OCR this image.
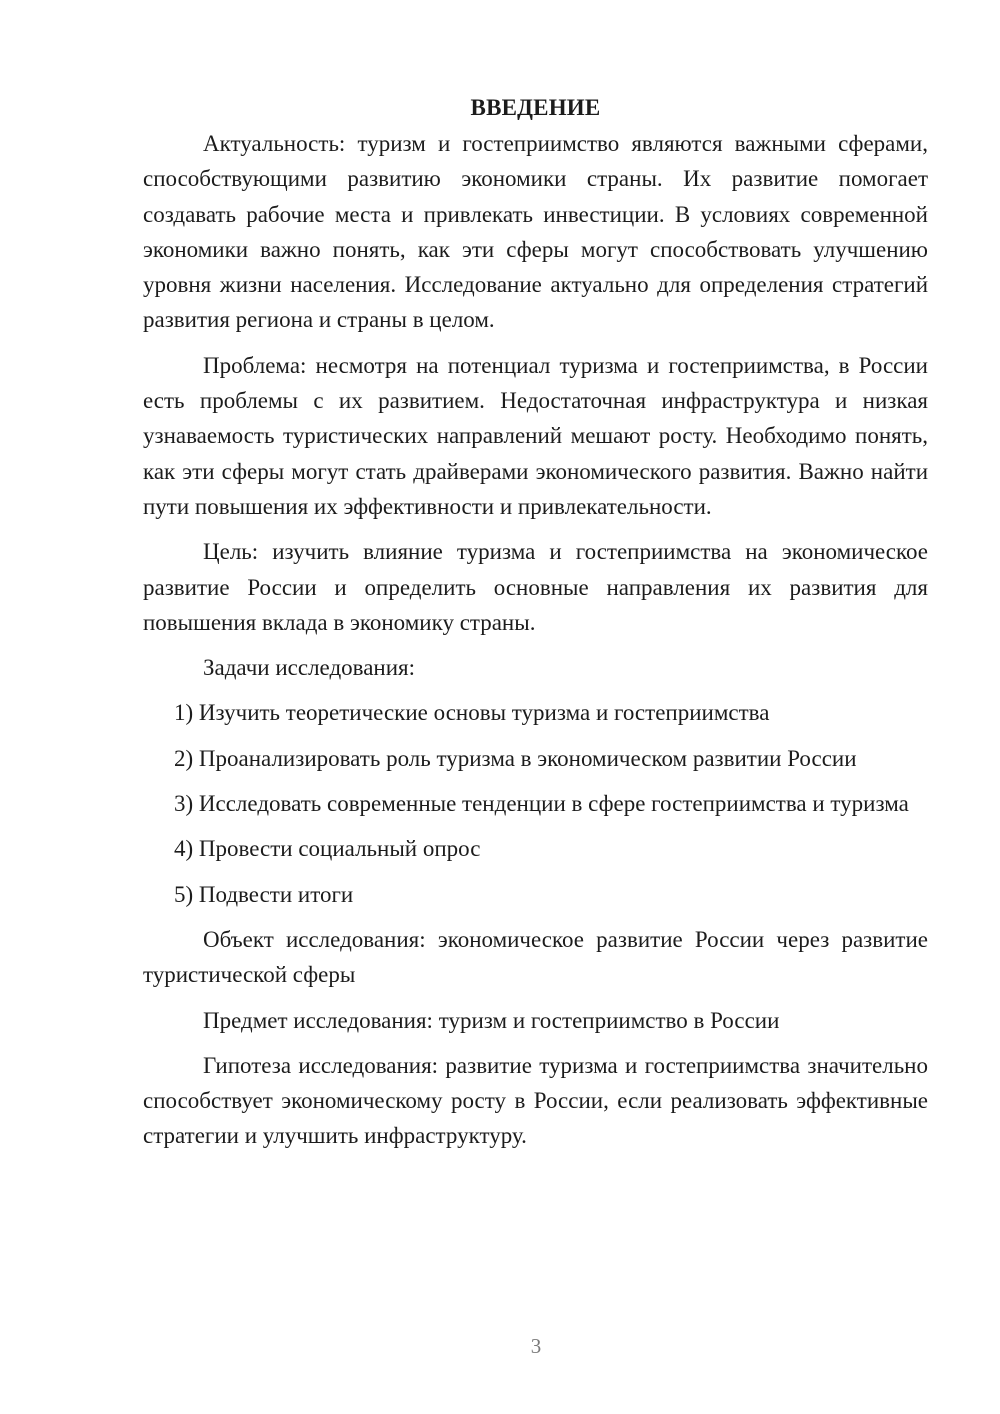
ВВЕДЕНИЕ

Актуальность: туризм и гостеприимство являются важными сферами, способствующими развитию экономики страны. Их развитие помогает создавать рабочие места и привлекать инвестиции. В условиях современной экономики важно понять, как эти сферы могут способствовать улучшению уровня жизни населения. Исследование актуально для определения стратегий развития региона и страны в целом.

Проблема: несмотря на потенциал туризма и гостеприимства, в России есть проблемы с их развитием. Недостаточная инфраструктура и низкая узнаваемость туристических направлений мешают росту. Необходимо понять, как эти сферы могут стать драйверами экономического развития. Важно найти пути повышения их эффективности и привлекательности.

Цель: изучить влияние туризма и гостеприимства на экономическое развитие России и определить основные направления их развития для повышения вклада в экономику страны.

Задачи исследования:

1) Изучить теоретические основы туризма и гостеприимства

2) Проанализировать роль туризма в экономическом развитии России

3) Исследовать современные тенденции в сфере гостеприимства и туризма

4) Провести социальный опрос

5) Подвести итоги

Объект исследования: экономическое развитие России через развитие туристической сферы

Предмет исследования: туризм и гостеприимство в России

Гипотеза исследования: развитие туризма и гостеприимства значительно способствует экономическому росту в России, если реализовать эффективные стратегии и улучшить инфраструктуру.

3
